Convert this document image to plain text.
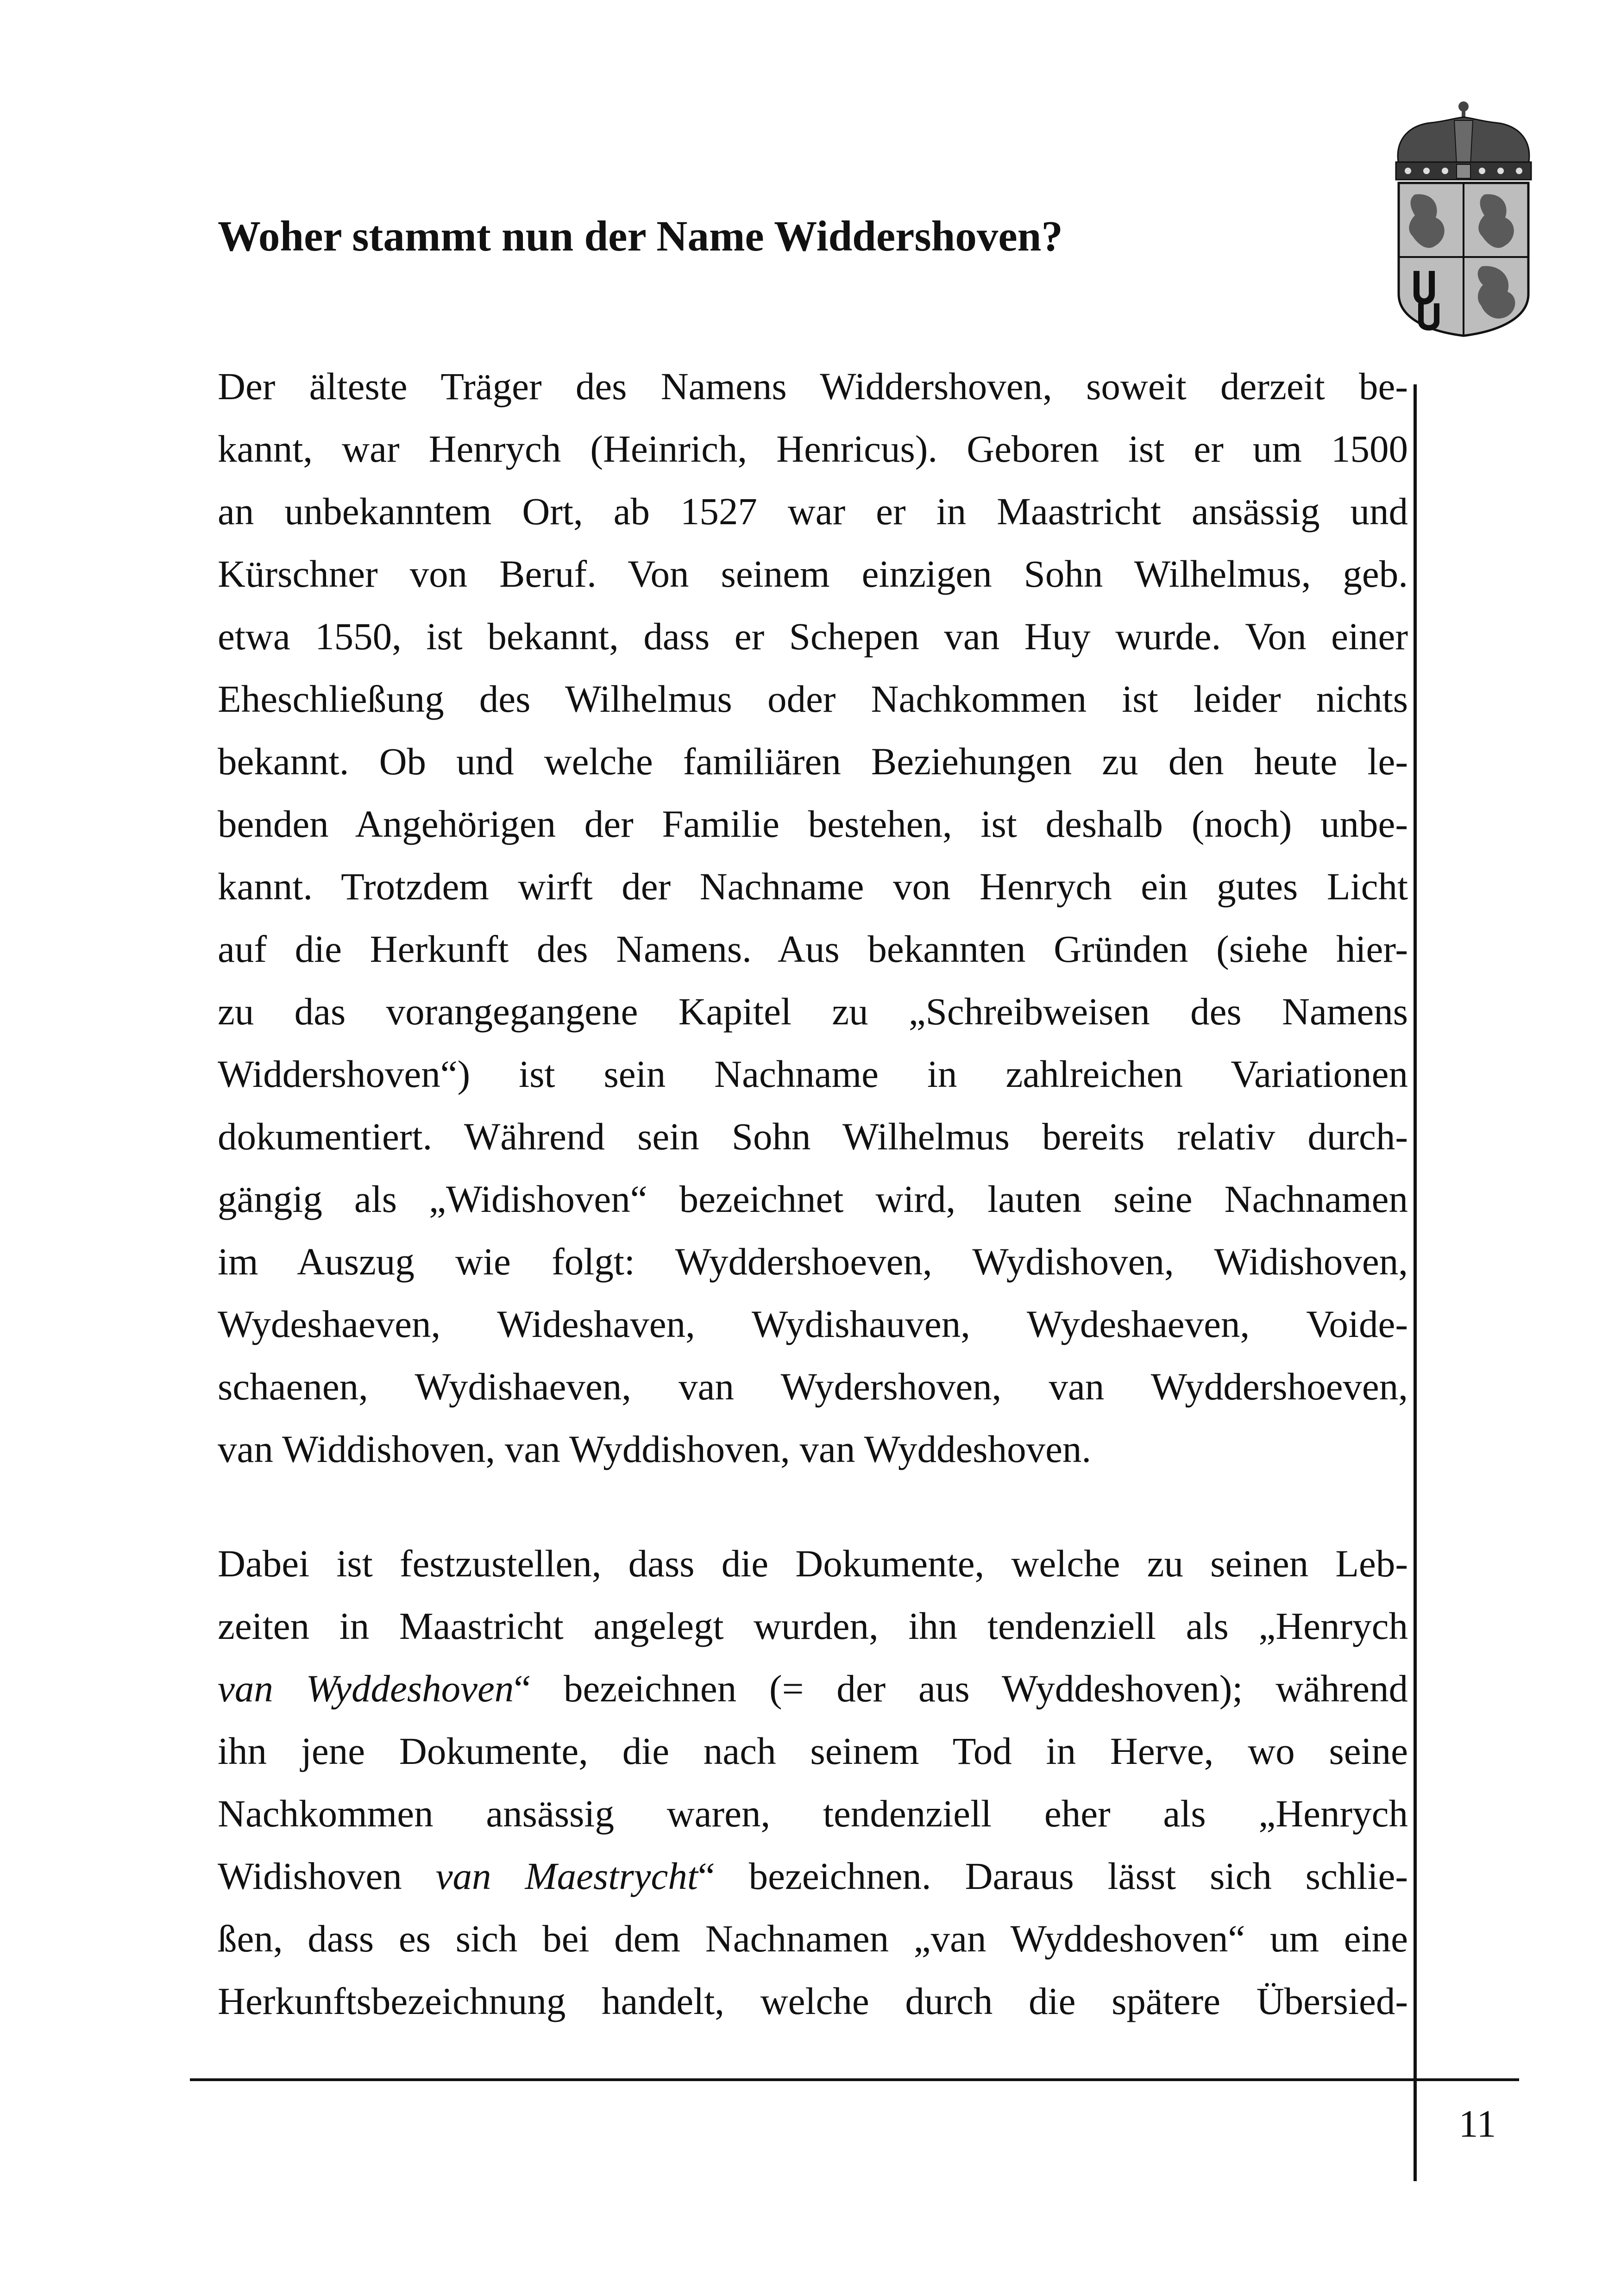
Woher stammt nun der Name Widdershoven?
Der älteste Träger des Namens Widdershoven, soweit derzeit be-
kannt, war Henrych (Heinrich, Henricus). Geboren ist er um 1500
an unbekanntem Ort, ab 1527 war er in Maastricht ansässig und
Kürschner von Beruf. Von seinem einzigen Sohn Wilhelmus, geb.
etwa 1550, ist bekannt, dass er Schepen van Huy wurde. Von einer
Eheschließung des Wilhelmus oder Nachkommen ist leider nichts
bekannt. Ob und welche familiären Beziehungen zu den heute le-
benden Angehörigen der Familie bestehen, ist deshalb (noch) unbe-
kannt. Trotzdem wirft der Nachname von Henrych ein gutes Licht
auf die Herkunft des Namens. Aus bekannten Gründen (siehe hier-
zu das vorangegangene Kapitel zu „Schreibweisen des Namens
Widdershoven“) ist sein Nachname in zahlreichen Variationen
dokumentiert. Während sein Sohn Wilhelmus bereits relativ durch-
gängig als „Widishoven“ bezeichnet wird, lauten seine Nachnamen
im Auszug wie folgt: Wyddershoeven, Wydishoven, Widishoven,
Wydeshaeven, Wideshaven, Wydishauven, Wydeshaeven, Voide-
schaenen, Wydishaeven, van Wydershoven, van Wyddershoeven,
van Widdishoven, van Wyddishoven, van Wyddeshoven.
Dabei ist festzustellen, dass die Dokumente, welche zu seinen Leb-
zeiten in Maastricht angelegt wurden, ihn tendenziell als „Henrych
van Wyddeshoven“ bezeichnen (= der aus Wyddeshoven); während
ihn jene Dokumente, die nach seinem Tod in Herve, wo seine
Nachkommen ansässig waren, tendenziell eher als „Henrych
Widishoven van Maestrycht“ bezeichnen. Daraus lässt sich schlie-
ßen, dass es sich bei dem Nachnamen „van Wyddeshoven“ um eine
Herkunftsbezeichnung handelt, welche durch die spätere Übersied-
11
